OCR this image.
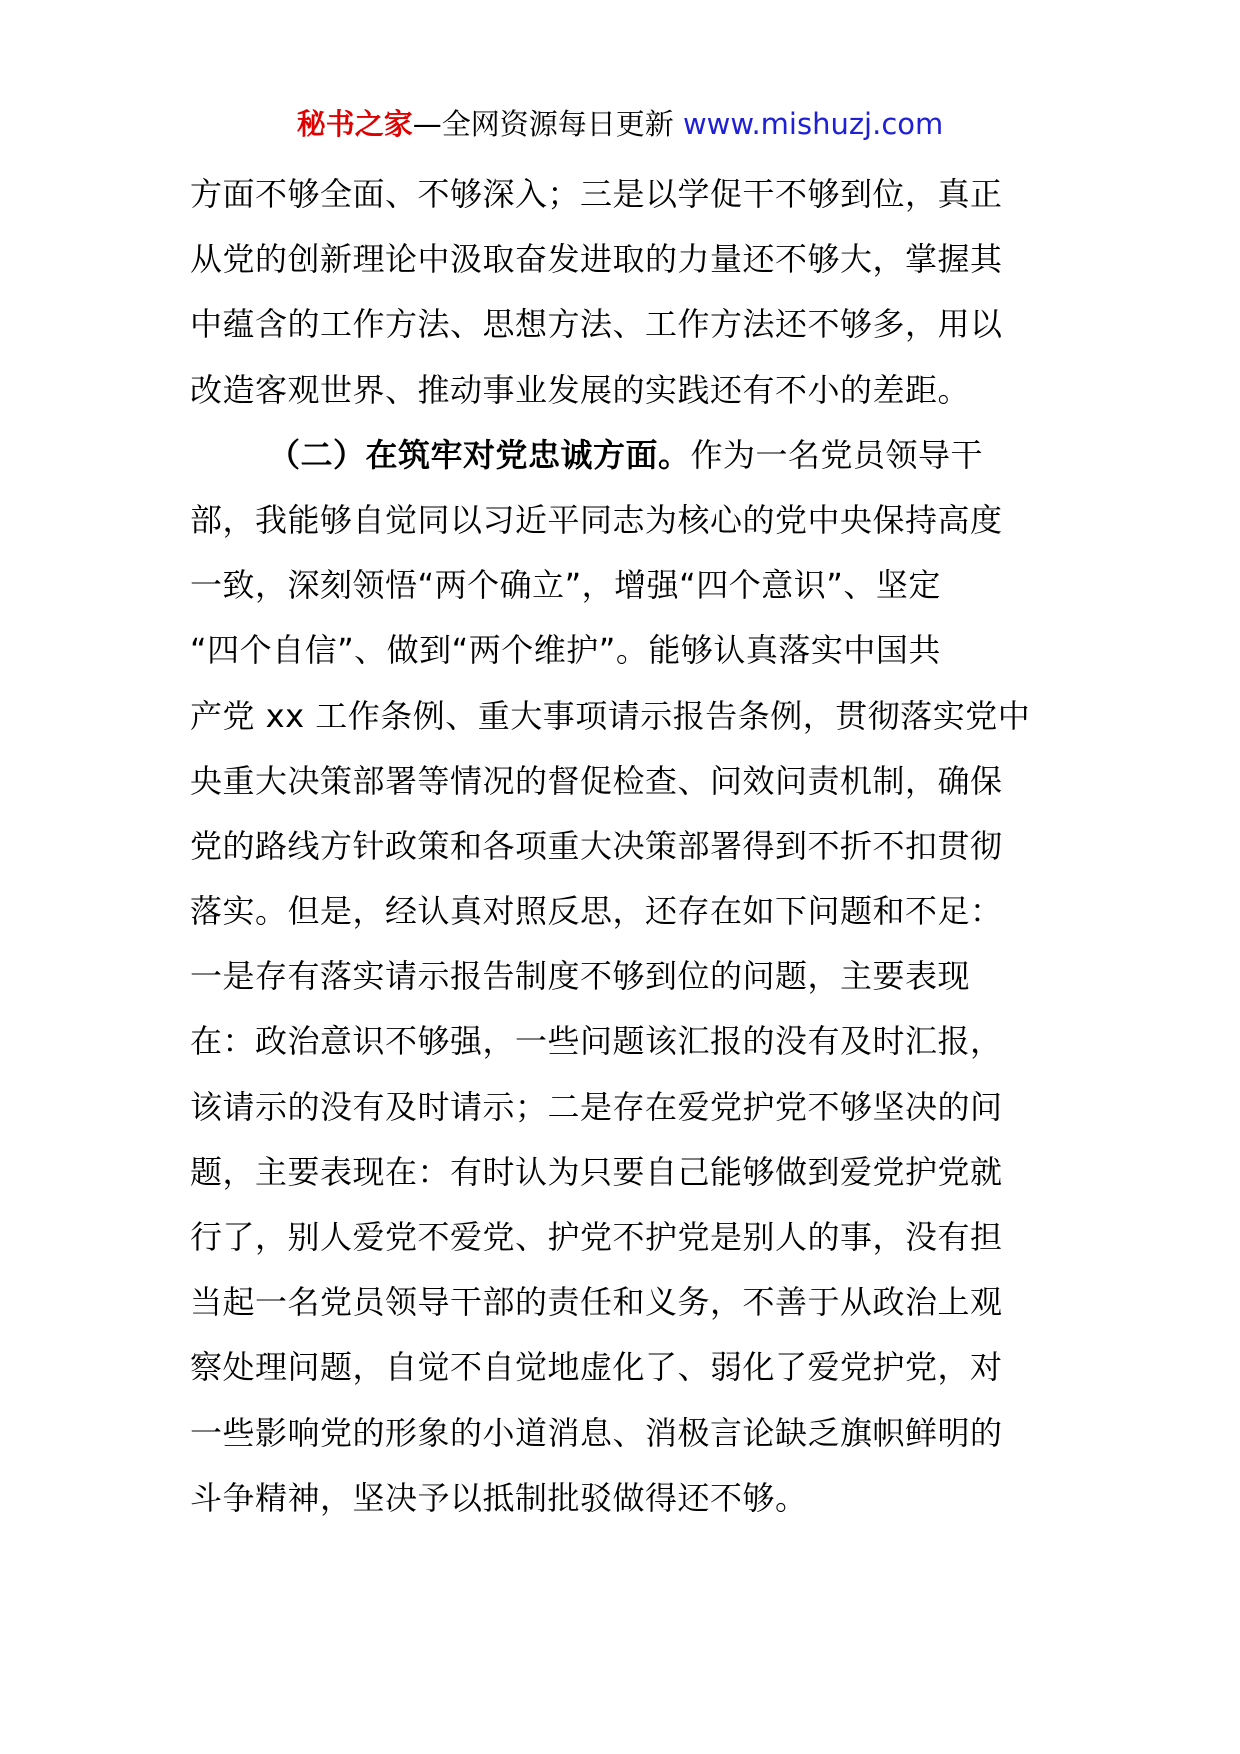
秘书之家—全网资源每日更新 www.mishuzj.com
方面不够全面、不够深入；三是以学促干不够到位，真正
从党的创新理论中汲取奋发进取的力量还不够大，掌握其
中蕴含的工作方法、思想方法、工作方法还不够多，用以
改造客观世界、推动事业发展的实践还有不小的差距。
（二）在筑牢对党忠诚方面。作为一名党员领导干
部，我能够自觉同以习近平同志为核心的党中央保持高度
一致，深刻领悟“两个确立”，增强“四个意识”、坚定
“四个自信”、做到“两个维护”。能够认真落实中国共
产党 xx 工作条例、重大事项请示报告条例，贯彻落实党中
央重大决策部署等情况的督促检查、问效问责机制，确保
党的路线方针政策和各项重大决策部署得到不折不扣贯彻
落实。但是，经认真对照反思，还存在如下问题和不足：
一是存有落实请示报告制度不够到位的问题，主要表现
在：政治意识不够强，一些问题该汇报的没有及时汇报，
该请示的没有及时请示；二是存在爱党护党不够坚决的问
题，主要表现在：有时认为只要自己能够做到爱党护党就
行了，别人爱党不爱党、护党不护党是别人的事，没有担
当起一名党员领导干部的责任和义务，不善于从政治上观
察处理问题，自觉不自觉地虚化了、弱化了爱党护党，对
一些影响党的形象的小道消息、消极言论缺乏旗帜鲜明的
斗争精神，坚决予以抵制批驳做得还不够。
